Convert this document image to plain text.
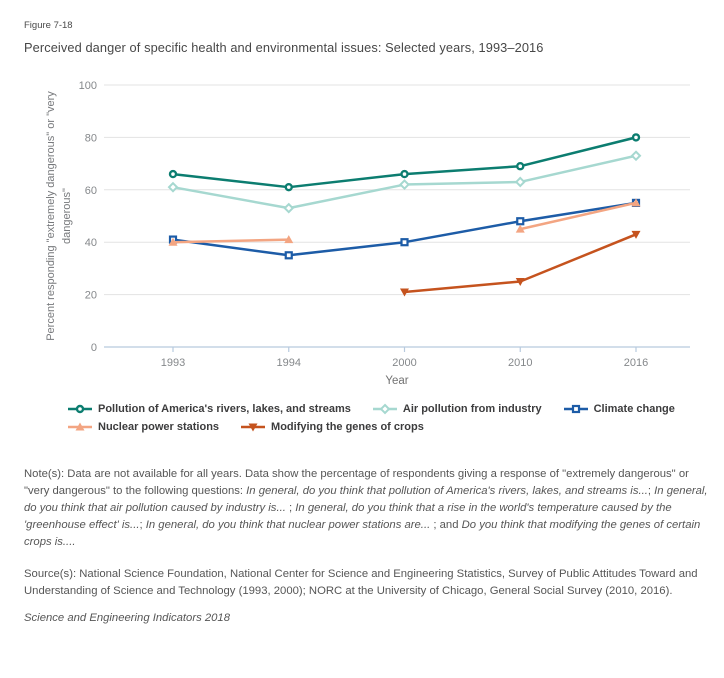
Figure 7-18

Perceived danger of specific health and environmental issues: Selected years, 1993–2016
Percent responding "extremely dangerous" or "very dangerous"
0
20
40
60
80
100
1993	1994	2000	2010	2016
Year
Pollution of America's rivers, lakes, and streams	Air pollution from industry	Climate change
Nuclear power stations	Modifying the genes of crops

Note(s): Data are not available for all years. Data show the percentage of respondents giving a response of "extremely dangerous" or "very dangerous" to the following questions: In general, do you think that pollution of America's rivers, lakes, and streams is...; In general, do you think that air pollution caused by industry is... ; In general, do you think that a rise in the world's temperature caused by the 'greenhouse effect' is...; In general, do you think that nuclear power stations are... ; and Do you think that modifying the genes of certain crops is....

Source(s): National Science Foundation, National Center for Science and Engineering Statistics, Survey of Public Attitudes Toward and Understanding of Science and Technology (1993, 2000); NORC at the University of Chicago, General Social Survey (2010, 2016).

Science and Engineering Indicators 2018
